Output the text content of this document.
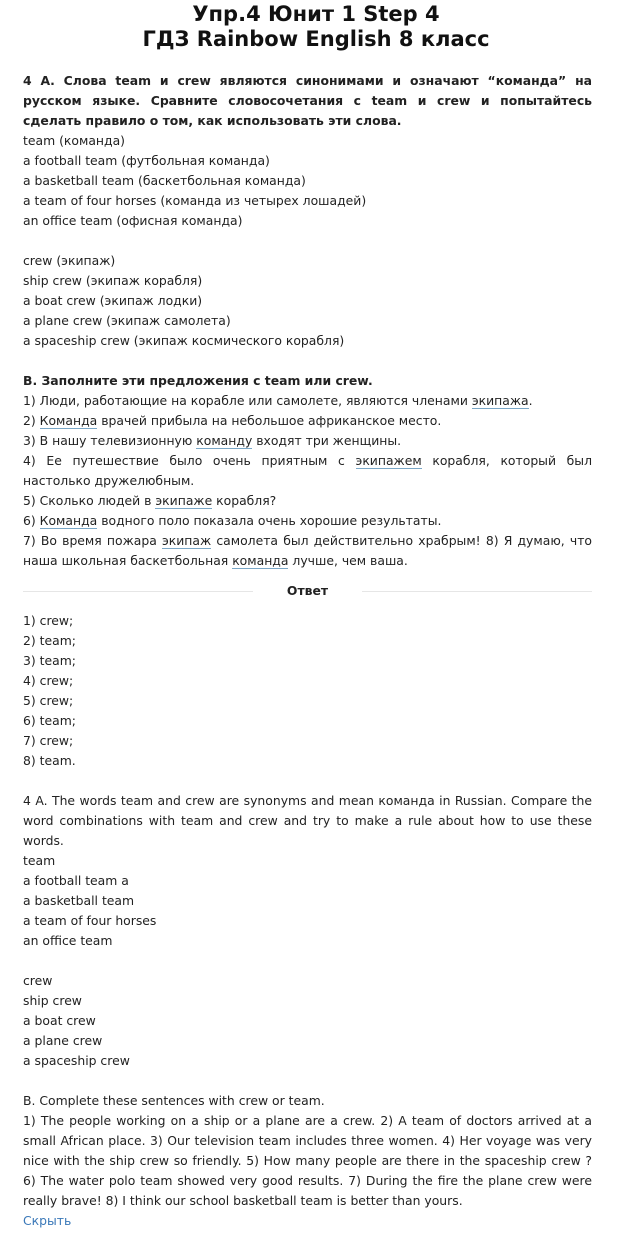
Упр.4 Юнит 1 Step 4
ГДЗ Rainbow English 8 класс

4 А. Слова team и crew являются синонимами и означают “команда” на русском языке. Сравните словосочетания с team и crew и попытайтесь сделать правило о том, как использовать эти слова.

team (команда)

a football team (футбольная команда)

a basketball team (баскетбольная команда)

a team of four horses (команда из четырех лошадей)

an office team (офисная команда)

crew (экипаж)

ship crew (экипаж корабля)

a boat crew (экипаж лодки)

a plane crew (экипаж самолета)

a spaceship crew (экипаж космического корабля)

В. Заполните эти предложения с team или crew.

1) Люди, работающие на корабле или самолете, являются членами экипажа.

2) Команда врачей прибыла на небольшое африканское место.

3) В нашу телевизионную команду входят три женщины.

4) Ее путешествие было очень приятным с экипажем корабля, который был настолько дружелюбным.

5) Сколько людей в экипаже корабля?

6) Команда водного поло показала очень хорошие результаты.

7) Во время пожара экипаж самолета был действительно храбрым! 8) Я думаю, что наша школьная баскетбольная команда лучше, чем ваша.

Ответ

1) crew;

2) team;

3) team;

4) crew;

5) crew;

6) team;

7) crew;

8) team.

4 A. The words team and crew are synonyms and mean команда in Russian. Compare the word combinations with team and crew and try to make a rule about how to use these words.

team

a football team a

a basketball team

a team of four horses

an office team

crew

ship crew

a boat crew

a plane crew

a spaceship crew

B. Complete these sentences with crew or team.

1) The people working on a ship or a plane are a crew. 2) A team of doctors arrived at a small African place. 3) Our television team includes three women. 4) Her voyage was very nice with the ship crew so friendly. 5) How many people are there in the spaceship crew ? 6) The water polo team showed very good results. 7) During the fire the plane crew were really brave! 8) I think our school basketball team is better than yours.

Скрыть
